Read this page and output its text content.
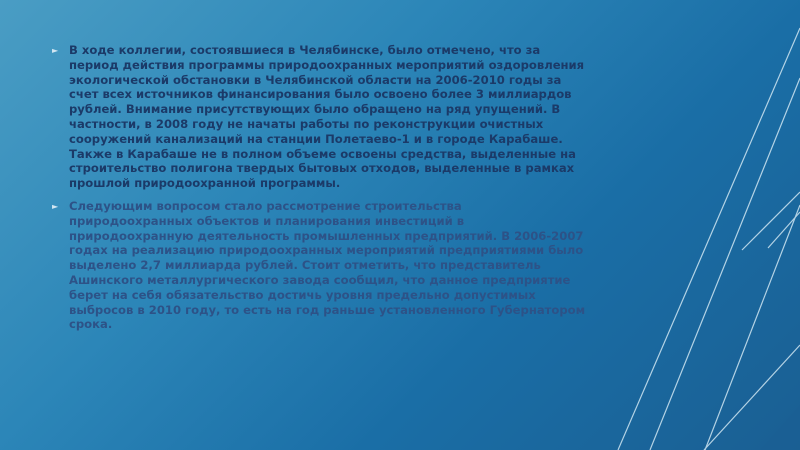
► В ходе коллегии, состоявшиеся в Челябинске, было отмечено, что за период действия программы природоохранных мероприятий оздоровления экологической обстановки в Челябинской области на 2006-2010 годы за счет всех источников финансирования было освоено более 3 миллиардов рублей. Внимание присутствующих было обращено на ряд упущений. В частности, в 2008 году не начаты работы по реконструкции очистных сооружений канализаций на станции Полетаево-1 и в городе Карабаше. Также в Карабаше не в полном объеме освоены средства, выделенные на строительство полигона твердых бытовых отходов, выделенные в рамках прошлой природоохранной программы.
► Следующим вопросом стало рассмотрение строительства природоохранных объектов и планирования инвестиций в природоохранную деятельность промышленных предприятий. В 2006-2007 годах на реализацию природоохранных мероприятий предприятиями было выделено 2,7 миллиарда рублей. Стоит отметить, что представитель Ашинского металлургического завода сообщил, что данное предприятие берет на себя обязательство достичь уровня предельно допустимых выбросов в 2010 году, то есть на год раньше установленного Губернатором срока.
